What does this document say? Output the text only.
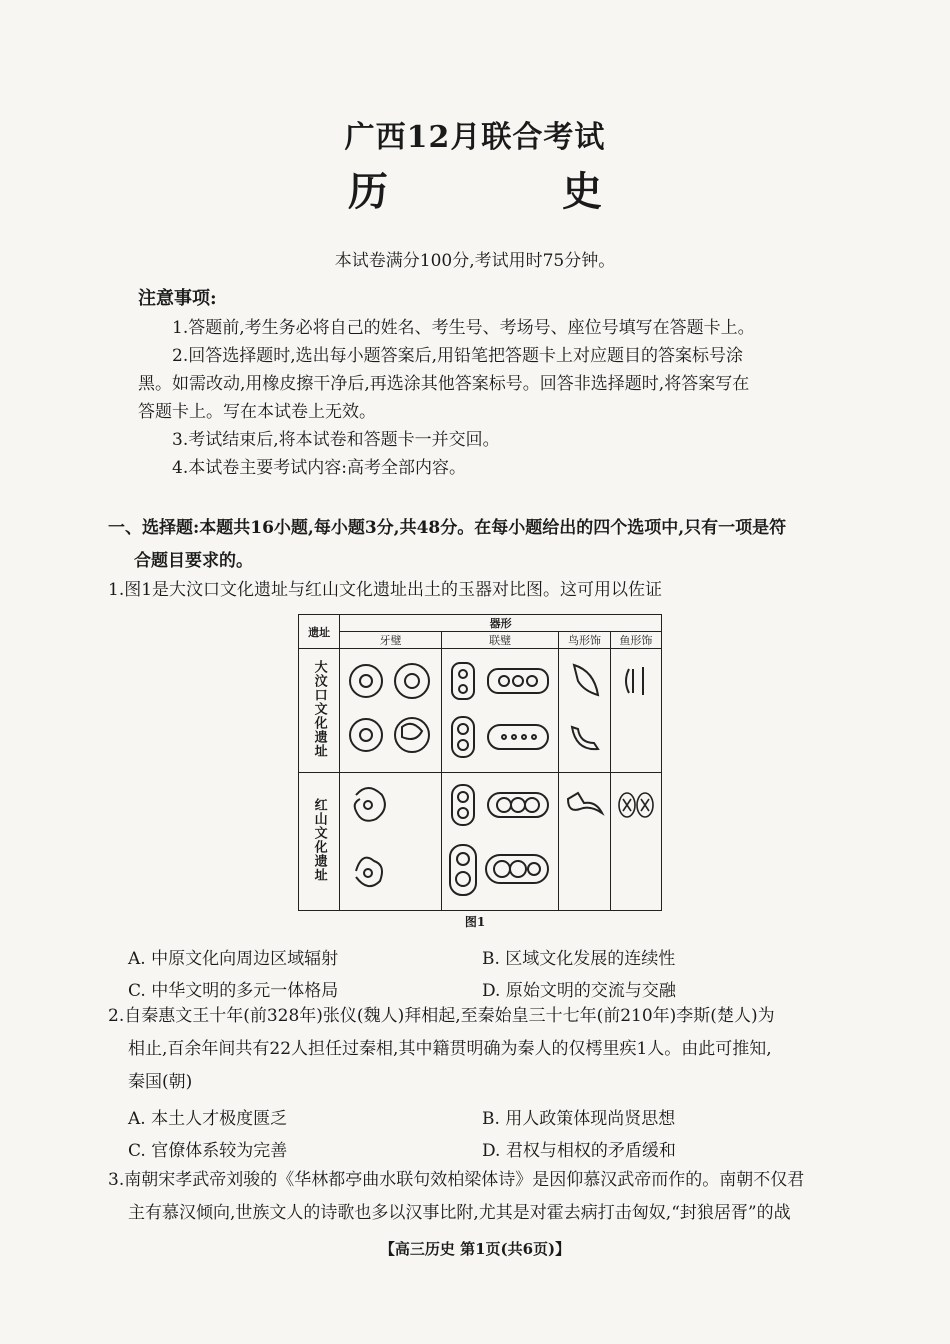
广西12月联合考试
历 史
本试卷满分100分,考试用时75分钟。
注意事项:
1.答题前,考生务必将自己的姓名、考生号、考场号、座位号填写在答题卡上。
2.回答选择题时,选出每小题答案后,用铅笔把答题卡上对应题目的答案标号涂
黑。如需改动,用橡皮擦干净后,再选涂其他答案标号。回答非选择题时,将答案写在
答题卡上。写在本试卷上无效。
3.考试结束后,将本试卷和答题卡一并交回。
4.本试卷主要考试内容:高考全部内容。
一、选择题:本题共16小题,每小题3分,共48分。在每小题给出的四个选项中,只有一项是符
合题目要求的。
1.图1是大汶口文化遗址与红山文化遗址出土的玉器对比图。这可用以佐证
遗址	器形			
	牙璧	联璧	鸟形饰	鱼形饰
大汶口文化遗址				
红山文化遗址				
图1
A. 中原文化向周边区域辐射	B. 区域文化发展的连续性
C. 中华文明的多元一体格局	D. 原始文明的交流与交融
2.自秦惠文王十年(前328年)张仪(魏人)拜相起,至秦始皇三十七年(前210年)李斯(楚人)为
相止,百余年间共有22人担任过秦相,其中籍贯明确为秦人的仅樗里疾1人。由此可推知,
秦国(朝)
A. 本土人才极度匮乏	B. 用人政策体现尚贤思想
C. 官僚体系较为完善	D. 君权与相权的矛盾缓和
3.南朝宋孝武帝刘骏的《华林都亭曲水联句效柏梁体诗》是因仰慕汉武帝而作的。南朝不仅君
主有慕汉倾向,世族文人的诗歌也多以汉事比附,尤其是对霍去病打击匈奴,“封狼居胥”的战
【高三历史 第1页(共6页)】
